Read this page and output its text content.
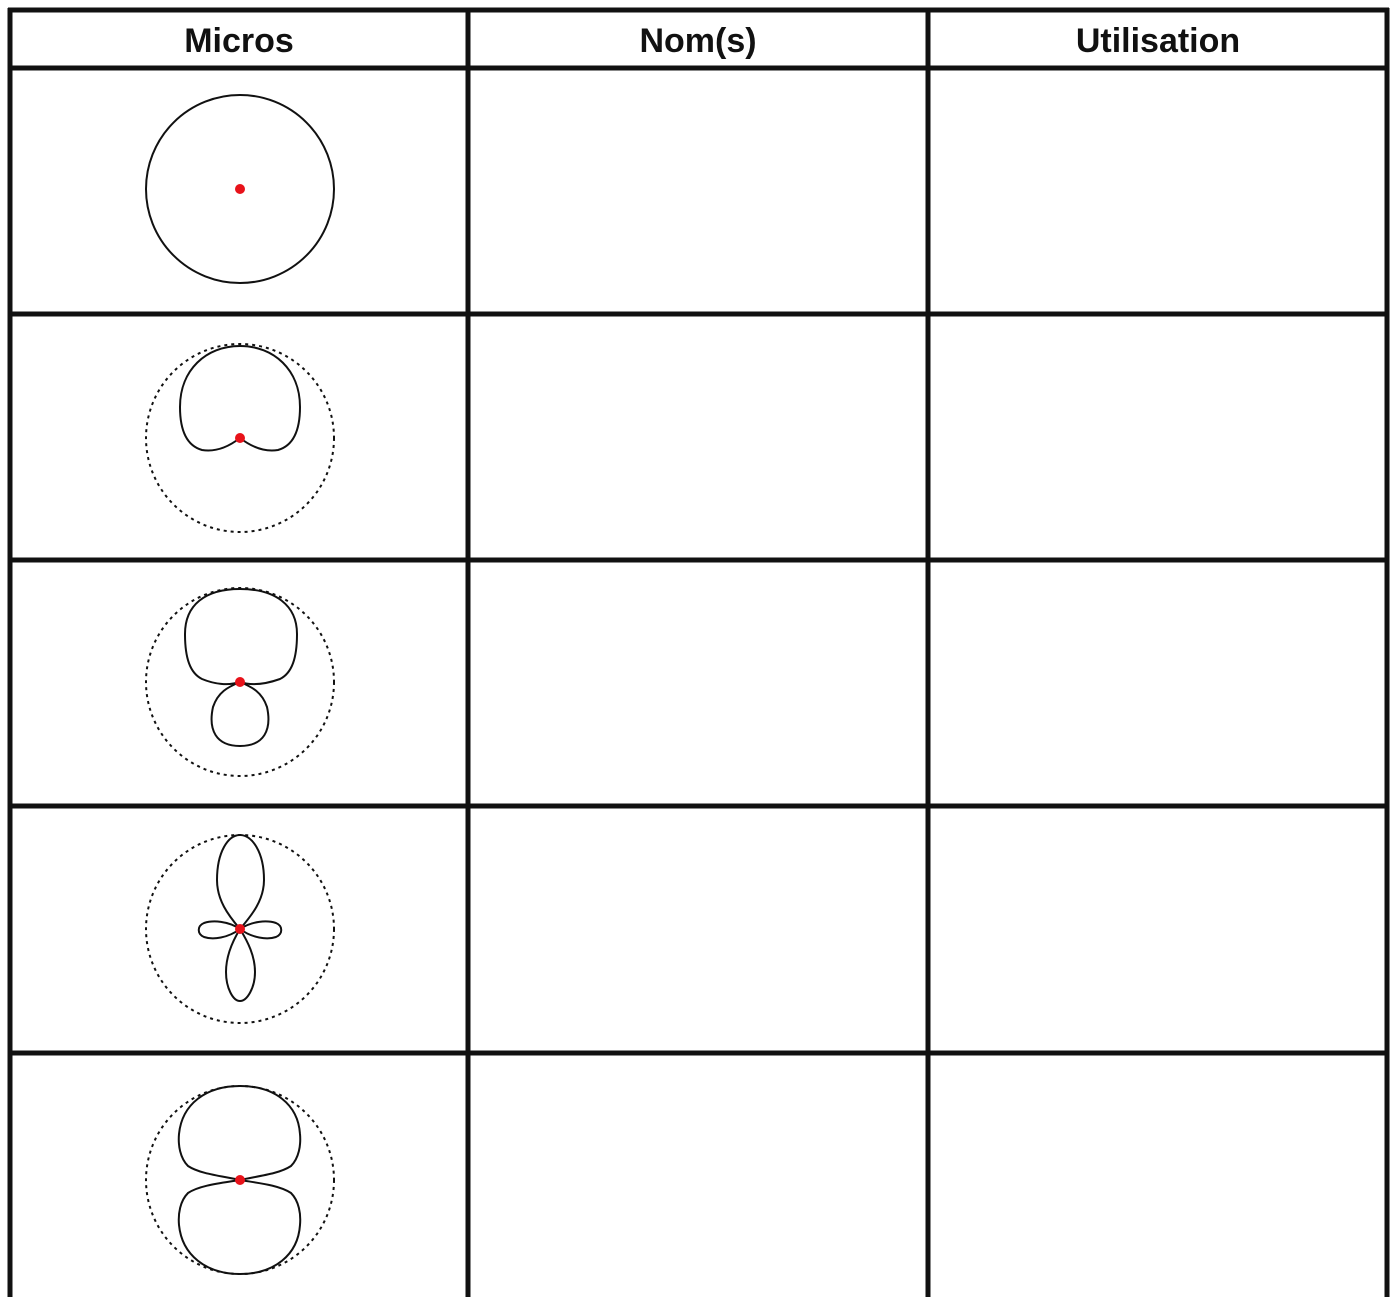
Micros	Nom(s)	Utilisation
